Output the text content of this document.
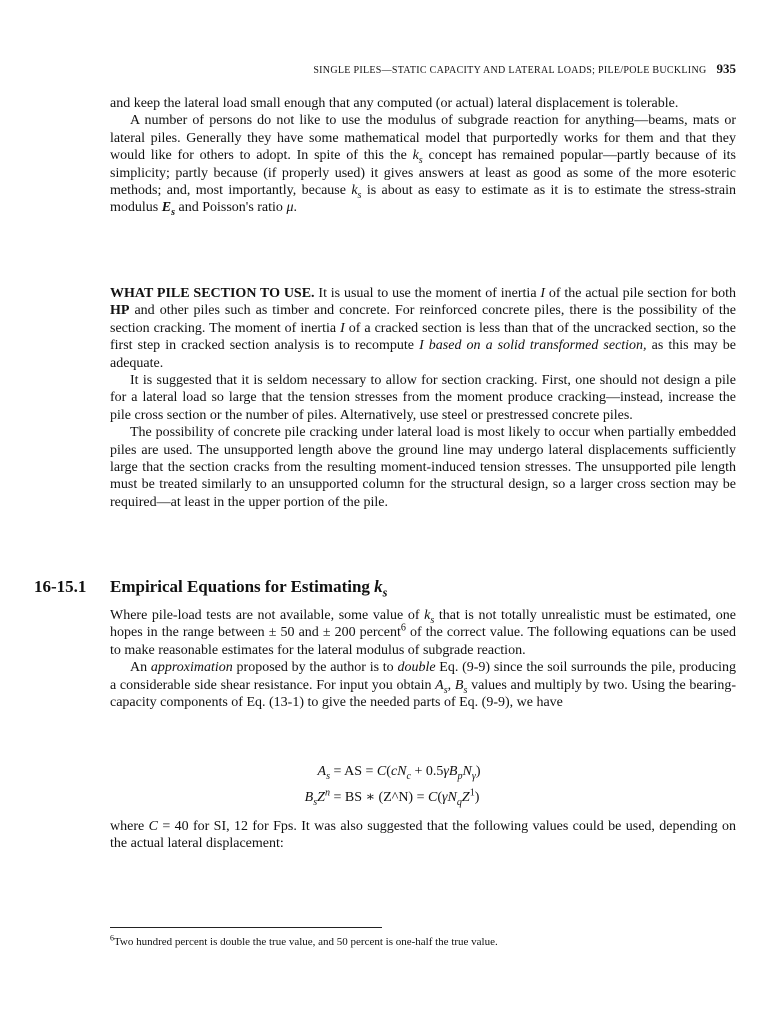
SINGLE PILES—STATIC CAPACITY AND LATERAL LOADS; PILE/POLE BUCKLING 935

and keep the lateral load small enough that any computed (or actual) lateral displacement is tolerable.

A number of persons do not like to use the modulus of subgrade reaction for anything—beams, mats or lateral piles. Generally they have some mathematical model that purportedly works for them and that they would like for others to adopt. In spite of this the $k_s$ concept has remained popular—partly because of its simplicity; partly because (if properly used) it gives answers at least as good as some of the more esoteric methods; and, most importantly, because $k_s$ is about as easy to estimate as it is to estimate the stress-strain modulus $E_s$ and Poisson's ratio μ.

WHAT PILE SECTION TO USE. It is usual to use the moment of inertia I of the actual pile section for both HP and other piles such as timber and concrete. For reinforced concrete piles, there is the possibility of the section cracking. The moment of inertia I of a cracked section is less than that of the uncracked section, so the first step in cracked section analysis is to recompute I based on a solid transformed section, as this may be adequate.

It is suggested that it is seldom necessary to allow for section cracking. First, one should not design a pile for a lateral load so large that the tension stresses from the moment produce cracking—instead, increase the pile cross section or the number of piles. Alternatively, use steel or prestressed concrete piles.

The possibility of concrete pile cracking under lateral load is most likely to occur when partially embedded piles are used. The unsupported length above the ground line may undergo lateral displacements sufficiently large that the section cracks from the resulting moment-induced tension stresses. The unsupported pile length must be treated similarly to an unsupported column for the structural design, so a larger cross section may be required—at least in the upper portion of the pile.

16-15.1 Empirical Equations for Estimating $k_s$

Where pile-load tests are not available, some value of $k_s$ that is not totally unrealistic must be estimated, one hopes in the range between ± 50 and ± 200 percent$^6$ of the correct value. The following equations can be used to make reasonable estimates for the lateral modulus of subgrade reaction.

An approximation proposed by the author is to double Eq. (9-9) since the soil surrounds the pile, producing a considerable side shear resistance. For input you obtain $A_s$, $B_s$ values and multiply by two. Using the bearing-capacity components of Eq. (13-1) to give the needed parts of Eq. (9-9), we have

$A_s$ = AS = $C(cN_c + 0.5\gamma B_pN_\gamma)$
$B_sZ^n$ = BS ∗ (Z^N) = $C(\gamma N_qZ^1)$

where C = 40 for SI, 12 for Fps. It was also suggested that the following values could be used, depending on the actual lateral displacement:

$^6$Two hundred percent is double the true value, and 50 percent is one-half the true value.
